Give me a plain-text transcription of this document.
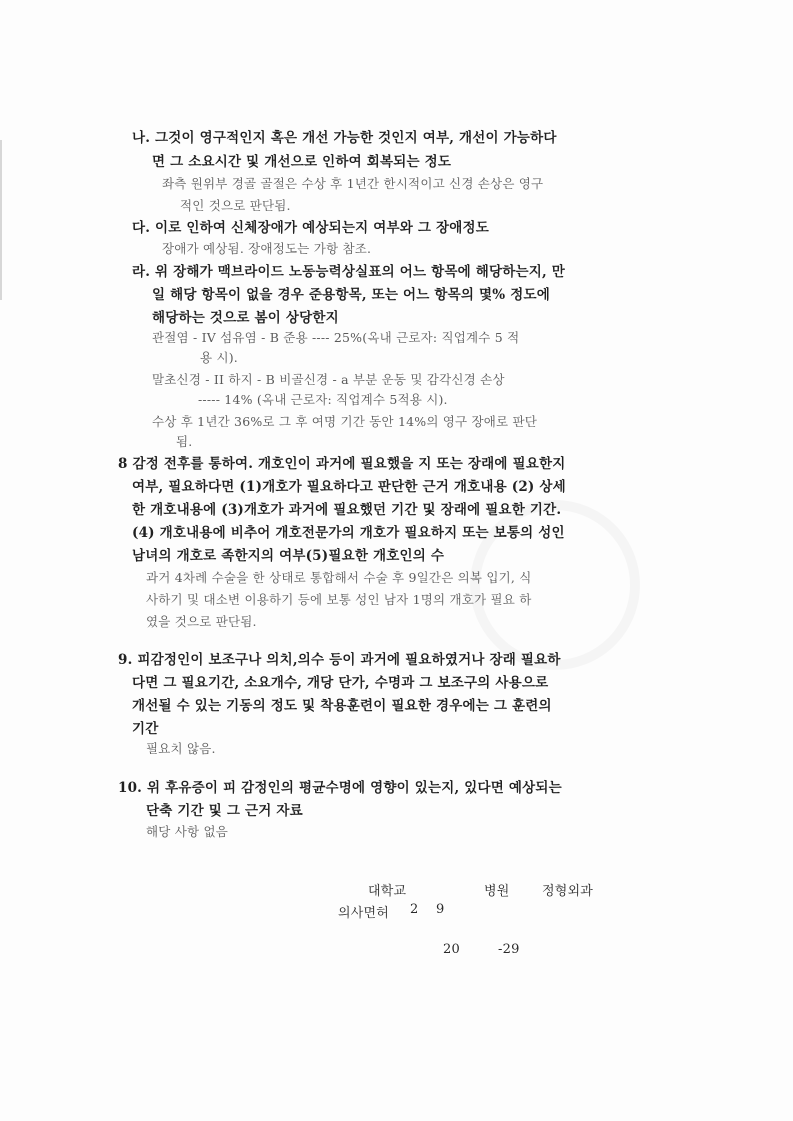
나. 그것이 영구적인지 혹은 개선 가능한 것인지 여부, 개선이 가능하다
면 그 소요시간 및 개선으로 인하여 회복되는 정도
좌측 원위부 경골 골절은 수상 후 1년간 한시적이고 신경 손상은 영구
적인 것으로 판단됨.
다. 이로 인하여 신체장애가 예상되는지 여부와 그 장애정도
장애가 예상됨. 장애정도는 가항 참조.
라. 위 장해가 맥브라이드 노동능력상실표의 어느 항목에 해당하는지, 만
일 해당 항목이 없을 경우 준용항목, 또는 어느 항목의 몇% 정도에
해당하는 것으로 봄이 상당한지
관절염 - IV 섬유염 - B 준용 ---- 25%(옥내 근로자: 직업계수 5 적
용 시).
말초신경 - II 하지 - B 비골신경 - a 부분 운동 및 감각신경 손상
----- 14% (옥내 근로자: 직업계수 5적용 시).
수상 후 1년간 36%로 그 후 여명 기간 동안 14%의 영구 장애로 판단
됨.
8 감정 전후를 통하여. 개호인이 과거에 필요했을 지 또는 장래에 필요한지
여부, 필요하다면 (1)개호가 필요하다고 판단한 근거 개호내용 (2) 상세
한 개호내용에 (3)개호가 과거에 필요했던 기간 및 장래에 필요한 기간.
(4) 개호내용에 비추어 개호전문가의 개호가 필요하지 또는 보통의 성인
남녀의 개호로 족한지의 여부(5)필요한 개호인의 수
과거 4차례 수술을 한 상태로 통합해서 수술 후 9일간은 의복 입기, 식
사하기 및 대소변 이용하기 등에 보통 성인 남자 1명의 개호가 필요 하
였을 것으로 판단됨.
9. 피감정인이 보조구나 의치,의수 등이 과거에 필요하였거나 장래 필요하
다면 그 필요기간, 소요개수, 개당 단가, 수명과 그 보조구의 사용으로
개선될 수 있는 기동의 정도 및 착용훈련이 필요한 경우에는 그 훈련의
기간
필요치 않음.
10. 위 후유증이 피 감정인의 평균수명에 영향이 있는지, 있다면 예상되는
단축 기간 및 그 근거 자료
해당 사항 없음
대학교	병원 정형외과
의사면허 2 9
20	-29
